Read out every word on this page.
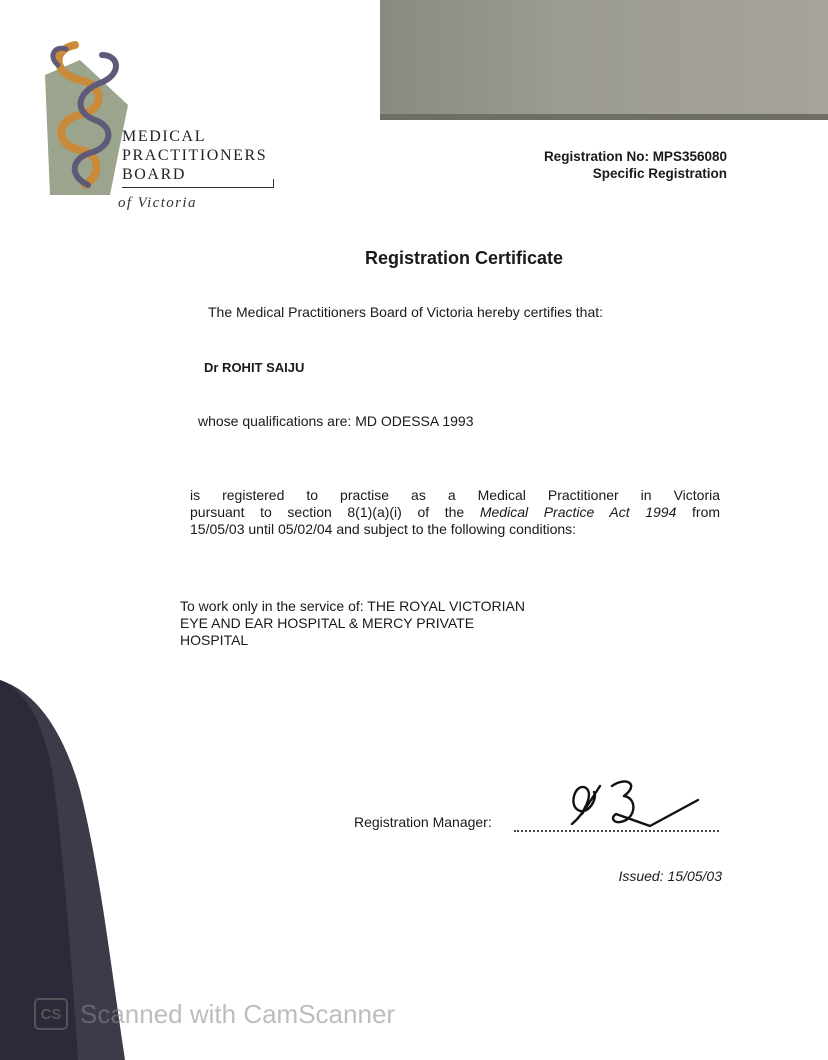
MEDICAL
PRACTITIONERS
BOARD
of Victoria
Registration No: MPS356080
Specific Registration
Registration Certificate
The Medical Practitioners Board of Victoria hereby certifies that:
Dr ROHIT SAIJU
whose qualifications are: MD ODESSA 1993
is registered to practise as a Medical Practitioner in Victoria
pursuant to section 8(1)(a)(i) of the Medical Practice Act 1994 from
15/05/03 until 05/02/04 and subject to the following conditions:
To work only in the service of: THE ROYAL VICTORIAN
EYE AND EAR HOSPITAL & MERCY PRIVATE
HOSPITAL
Registration Manager:
Issued: 15/05/03
CS Scanned with CamScanner
